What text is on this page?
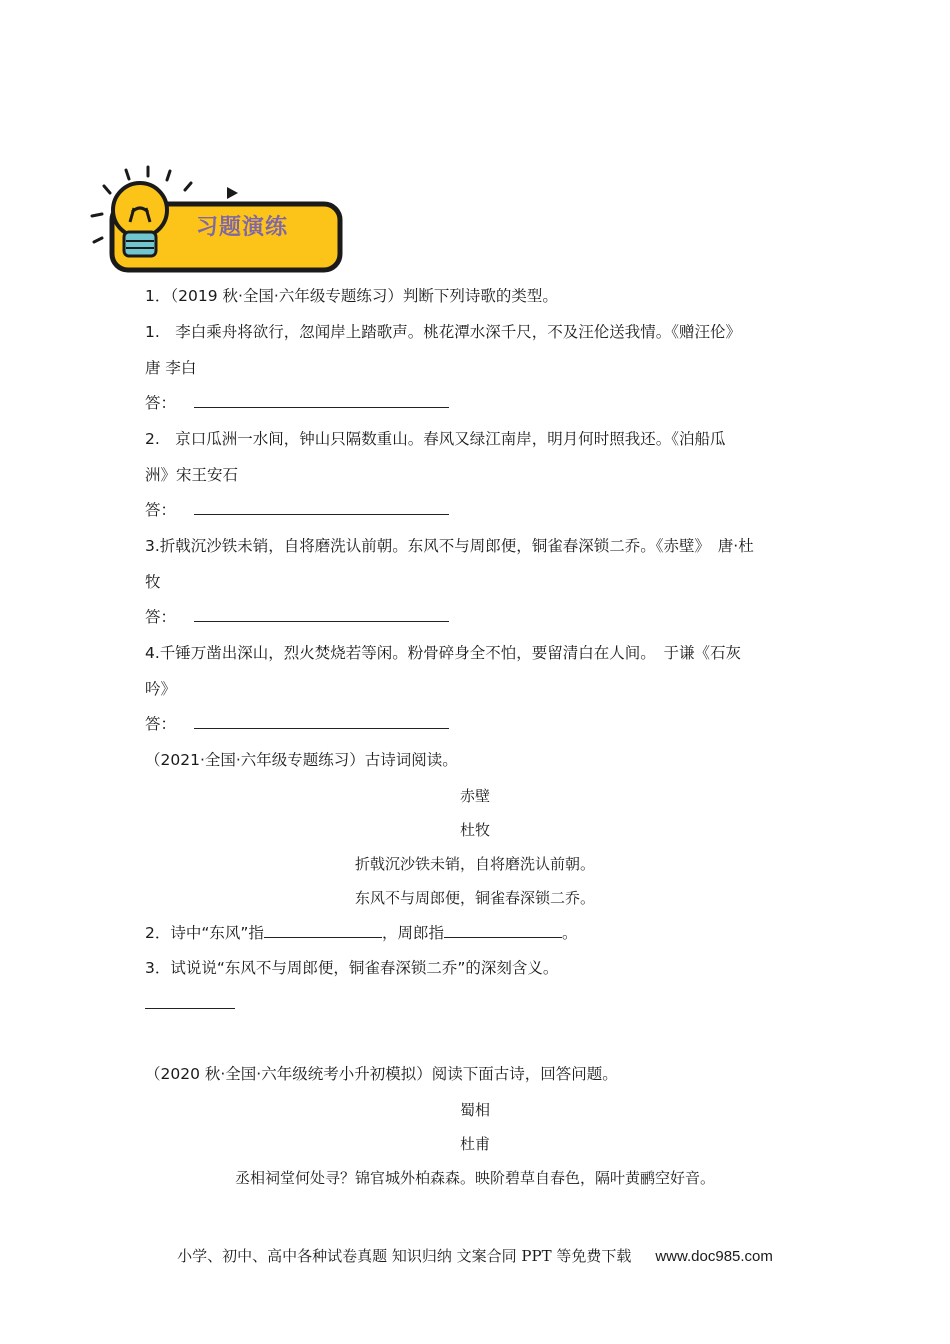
习题演练
1．（2019 秋·全国·六年级专题练习）判断下列诗歌的类型。
1.　李白乘舟将欲行，忽闻岸上踏歌声。桃花潭水深千尺，不及汪伦送我情。《赠汪伦》
唐 李白
答：
2.　京口瓜洲一水间，钟山只隔数重山。春风又绿江南岸，明月何时照我还。《泊船瓜
洲》宋王安石
答：
3.折戟沉沙铁未销，自将磨洗认前朝。东风不与周郎便，铜雀春深锁二乔。《赤壁》　唐·杜
牧
答：
4.千锤万凿出深山，烈火焚烧若等闲。粉骨碎身全不怕，要留清白在人间。　于谦《石灰
吟》
答：
（2021·全国·六年级专题练习）古诗词阅读。
赤壁
杜牧
折戟沉沙铁未销，自将磨洗认前朝。
东风不与周郎便，铜雀春深锁二乔。
2．诗中“东风”指	，周郎指	。
3．试说说“东风不与周郎便，铜雀春深锁二乔”的深刻含义。
（2020 秋·全国·六年级统考小升初模拟）阅读下面古诗，回答问题。
蜀相
杜甫
丞相祠堂何处寻？锦官城外柏森森。映阶碧草自春色，隔叶黄鹂空好音。
小学、初中、高中各种试卷真题 知识归纳 文案合同 PPT 等免费下载 www.doc985.com
